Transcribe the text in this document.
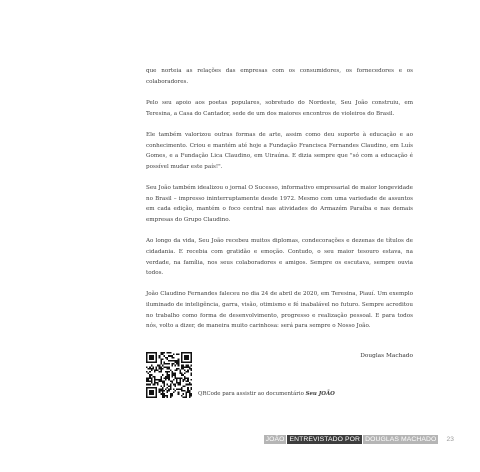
que norteia as relações das empresas com os consumidores, os fornecedores e os colaboradores.

Pelo seu apoio aos poetas populares, sobretudo do Nordeste, Seu João construiu, em Teresina, a Casa do Cantador, sede de um dos maiores encontros de violeiros do Brasil.

Ele também valorizou outras formas de arte, assim como deu suporte à educação e ao conhecimento. Criou e mantém até hoje a Fundação Francisca Fernandes Claudino, em Luís Gomes, e a Fundação Lica Claudino, em Uiraúna. E dizia sempre que "só com a educação é possível mudar este país!".

Seu João também idealizou o jornal O Sucesso, informativo empresarial de maior longevidade no Brasil – impresso ininterruptamente desde 1972. Mesmo com uma variedade de assuntos em cada edição, mantém o foco central nas atividades do Armazém Paraíba e nas demais empresas do Grupo Claudino.

Ao longo da vida, Seu João recebeu muitos diplomas, condecorações e dezenas de títulos de cidadania. E recebia com gratidão e emoção. Contudo, o seu maior tesouro estava, na verdade, na família, nos seus colaboradores e amigos. Sempre os escutava, sempre ouvia todos.

João Claudino Fernandes faleceu no dia 24 de abril de 2020, em Teresina, Piauí. Um exemplo iluminado de inteligência, garra, visão, otimismo e fé inabalável no futuro. Sempre acreditou no trabalho como forma de desenvolvimento, progresso e realização pessoal. E para todos nós, volto a dizer, de maneira muito carinhosa: será para sempre o Nosso João.

Douglas Machado
QRCode para assistir ao documentário Seu JOÃO
JOÃO ENTREVISTADO POR DOUGLAS MACHADO	23
